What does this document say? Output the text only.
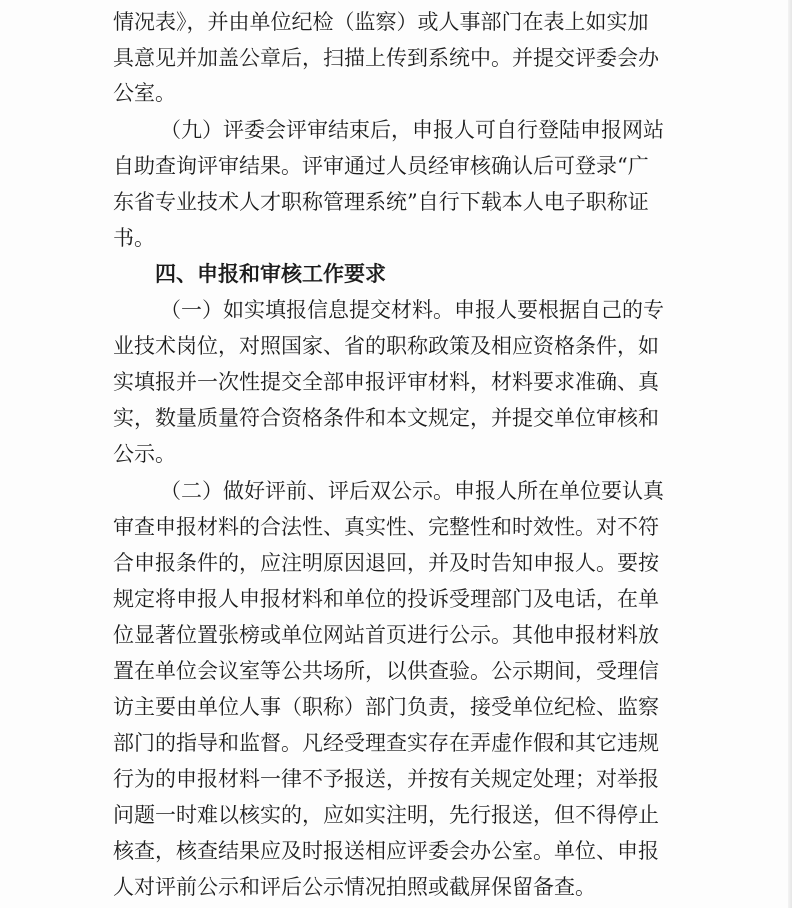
情况表》，并由单位纪检（监察）或人事部门在表上如实加
具意见并加盖公章后，扫描上传到系统中。并提交评委会办
公室。
（九）评委会评审结束后，申报人可自行登陆申报网站
自助查询评审结果。评审通过人员经审核确认后可登录“广
东省专业技术人才职称管理系统”自行下载本人电子职称证
书。
四、申报和审核工作要求
（一）如实填报信息提交材料。申报人要根据自己的专
业技术岗位，对照国家、省的职称政策及相应资格条件，如
实填报并一次性提交全部申报评审材料，材料要求准确、真
实，数量质量符合资格条件和本文规定，并提交单位审核和
公示。
（二）做好评前、评后双公示。申报人所在单位要认真
审查申报材料的合法性、真实性、完整性和时效性。对不符
合申报条件的，应注明原因退回，并及时告知申报人。要按
规定将申报人申报材料和单位的投诉受理部门及电话，在单
位显著位置张榜或单位网站首页进行公示。其他申报材料放
置在单位会议室等公共场所，以供查验。公示期间，受理信
访主要由单位人事（职称）部门负责，接受单位纪检、监察
部门的指导和监督。凡经受理查实存在弄虚作假和其它违规
行为的申报材料一律不予报送，并按有关规定处理；对举报
问题一时难以核实的，应如实注明，先行报送，但不得停止
核查，核查结果应及时报送相应评委会办公室。单位、申报
人对评前公示和评后公示情况拍照或截屏保留备查。
